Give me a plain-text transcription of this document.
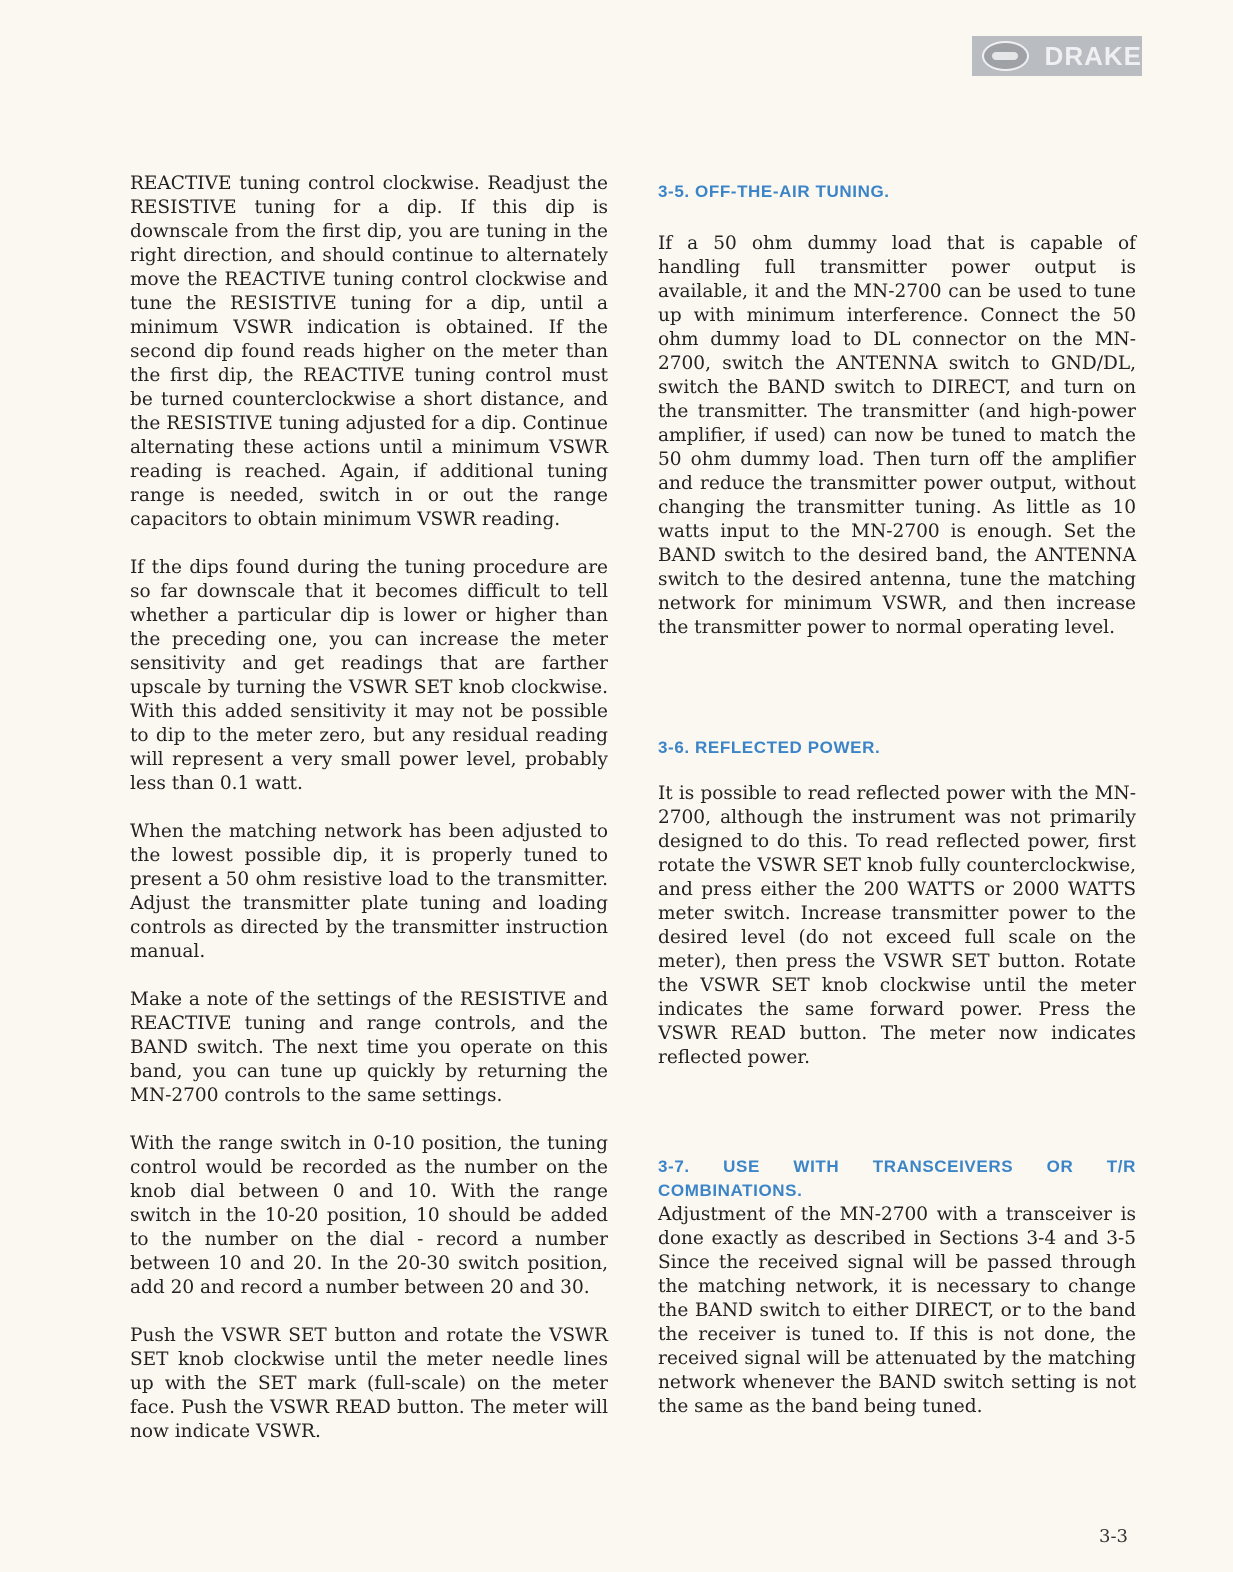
DRAKE

REACTIVE tuning control clockwise. Readjust the RESISTIVE tuning for a dip. If this dip is downscale from the first dip, you are tuning in the right direction, and should continue to alternately move the REACTIVE tuning control clockwise and tune the RESISTIVE tuning for a dip, until a minimum VSWR indication is obtained. If the second dip found reads higher on the meter than the first dip, the REACTIVE tuning control must be turned counterclockwise a short distance, and the RESISTIVE tuning adjusted for a dip. Continue alternating these actions until a minimum VSWR reading is reached. Again, if additional tuning range is needed, switch in or out the range capacitors to obtain minimum VSWR reading.

If the dips found during the tuning procedure are so far downscale that it becomes difficult to tell whether a particular dip is lower or higher than the preceding one, you can increase the meter sensitivity and get readings that are farther upscale by turning the VSWR SET knob clockwise. With this added sensitivity it may not be possible to dip to the meter zero, but any residual reading will represent a very small power level, probably less than 0.1 watt.

When the matching network has been adjusted to the lowest possible dip, it is properly tuned to present a 50 ohm resistive load to the transmitter. Adjust the transmitter plate tuning and loading controls as directed by the transmitter instruction manual.

Make a note of the settings of the RESISTIVE and REACTIVE tuning and range controls, and the BAND switch. The next time you operate on this band, you can tune up quickly by returning the MN-2700 controls to the same settings.

With the range switch in 0-10 position, the tuning control would be recorded as the number on the knob dial between 0 and 10. With the range switch in the 10-20 position, 10 should be added to the number on the dial - record a number between 10 and 20. In the 20-30 switch position, add 20 and record a number between 20 and 30.

Push the VSWR SET button and rotate the VSWR SET knob clockwise until the meter needle lines up with the SET mark (full-scale) on the meter face. Push the VSWR READ button. The meter will now indicate VSWR.

3-5. OFF-THE-AIR TUNING.

If a 50 ohm dummy load that is capable of handling full transmitter power output is available, it and the MN-2700 can be used to tune up with minimum interference. Connect the 50 ohm dummy load to DL connector on the MN-2700, switch the ANTENNA switch to GND/DL, switch the BAND switch to DIRECT, and turn on the transmitter. The transmitter (and high-power amplifier, if used) can now be tuned to match the 50 ohm dummy load. Then turn off the amplifier and reduce the transmitter power output, without changing the transmitter tuning. As little as 10 watts input to the MN-2700 is enough. Set the BAND switch to the desired band, the ANTENNA switch to the desired antenna, tune the matching network for minimum VSWR, and then increase the transmitter power to normal operating level.

3-6. REFLECTED POWER.

It is possible to read reflected power with the MN-2700, although the instrument was not primarily designed to do this. To read reflected power, first rotate the VSWR SET knob fully counterclockwise, and press either the 200 WATTS or 2000 WATTS meter switch. Increase transmitter power to the desired level (do not exceed full scale on the meter), then press the VSWR SET button. Rotate the VSWR SET knob clockwise until the meter indicates the same forward power. Press the VSWR READ button. The meter now indicates reflected power.

3-7. USE WITH TRANSCEIVERS OR T/R COMBINATIONS.

Adjustment of the MN-2700 with a transceiver is done exactly as described in Sections 3-4 and 3-5 Since the received signal will be passed through the matching network, it is necessary to change the BAND switch to either DIRECT, or to the band the receiver is tuned to. If this is not done, the received signal will be attenuated by the matching network whenever the BAND switch setting is not the same as the band being tuned.

3-3
